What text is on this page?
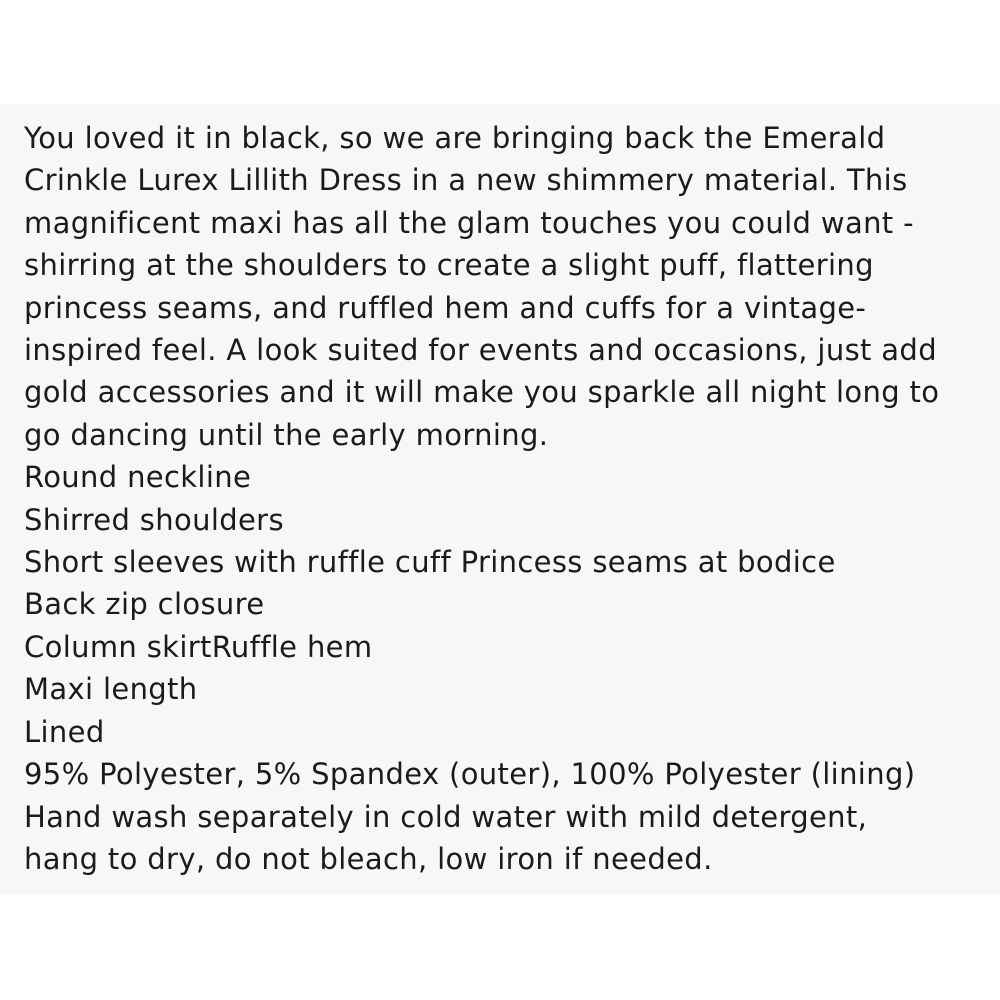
You loved it in black, so we are bringing back the Emerald
Crinkle Lurex Lillith Dress in a new shimmery material. This
magnificent maxi has all the glam touches you could want -
shirring at the shoulders to create a slight puff, flattering
princess seams, and ruffled hem and cuffs for a vintage-
inspired feel. A look suited for events and occasions, just add
gold accessories and it will make you sparkle all night long to
go dancing until the early morning.
Round neckline
Shirred shoulders
Short sleeves with ruffle cuff Princess seams at bodice
Back zip closure
Column skirtRuffle hem
Maxi length
Lined
95% Polyester, 5% Spandex (outer), 100% Polyester (lining)
Hand wash separately in cold water with mild detergent,
hang to dry, do not bleach, low iron if needed.
